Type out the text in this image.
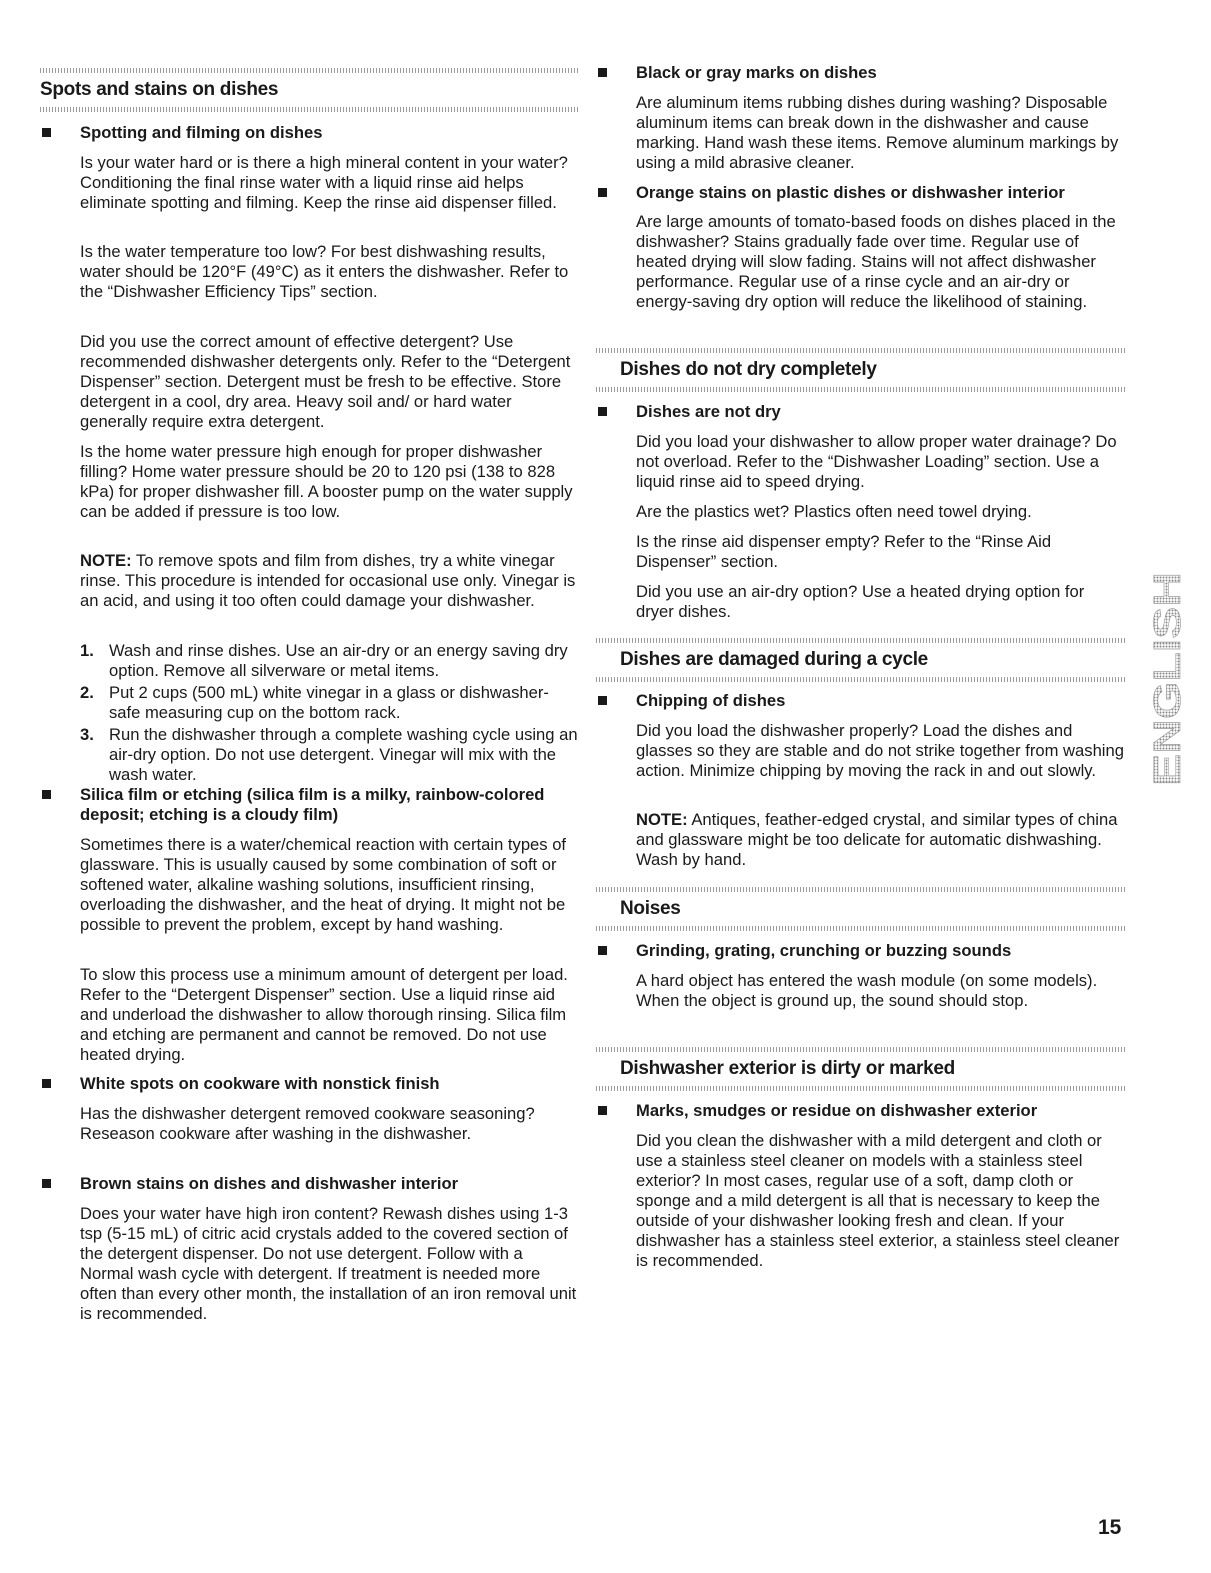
Spots and stains on dishes
Spotting and filming on dishes
Is your water hard or is there a high mineral content in your water? Conditioning the final rinse water with a liquid rinse aid helps eliminate spotting and filming. Keep the rinse aid dispenser filled.
Is the water temperature too low? For best dishwashing results, water should be 120°F (49°C) as it enters the dishwasher. Refer to the “Dishwasher Efficiency Tips” section.
Did you use the correct amount of effective detergent? Use recommended dishwasher detergents only. Refer to the “Detergent Dispenser” section. Detergent must be fresh to be effective. Store detergent in a cool, dry area. Heavy soil and/ or hard water generally require extra detergent.
Is the home water pressure high enough for proper dishwasher filling? Home water pressure should be 20 to 120 psi (138 to 828 kPa) for proper dishwasher fill. A booster pump on the water supply can be added if pressure is too low.
NOTE: To remove spots and film from dishes, try a white vinegar rinse. This procedure is intended for occasional use only. Vinegar is an acid, and using it too often could damage your dishwasher.
1. Wash and rinse dishes. Use an air-dry or an energy saving dry option. Remove all silverware or metal items.
2. Put 2 cups (500 mL) white vinegar in a glass or dishwasher-safe measuring cup on the bottom rack.
3. Run the dishwasher through a complete washing cycle using an air-dry option. Do not use detergent. Vinegar will mix with the wash water.
Silica film or etching (silica film is a milky, rainbow-colored deposit; etching is a cloudy film)
Sometimes there is a water/chemical reaction with certain types of glassware. This is usually caused by some combination of soft or softened water, alkaline washing solutions, insufficient rinsing, overloading the dishwasher, and the heat of drying. It might not be possible to prevent the problem, except by hand washing.
To slow this process use a minimum amount of detergent per load. Refer to the “Detergent Dispenser” section. Use a liquid rinse aid and underload the dishwasher to allow thorough rinsing. Silica film and etching are permanent and cannot be removed. Do not use heated drying.
White spots on cookware with nonstick finish
Has the dishwasher detergent removed cookware seasoning? Reseason cookware after washing in the dishwasher.
Brown stains on dishes and dishwasher interior
Does your water have high iron content? Rewash dishes using 1-3 tsp (5-15 mL) of citric acid crystals added to the covered section of the detergent dispenser. Do not use detergent. Follow with a Normal wash cycle with detergent. If treatment is needed more often than every other month, the installation of an iron removal unit is recommended.
Black or gray marks on dishes
Are aluminum items rubbing dishes during washing? Disposable aluminum items can break down in the dishwasher and cause marking. Hand wash these items. Remove aluminum markings by using a mild abrasive cleaner.
Orange stains on plastic dishes or dishwasher interior
Are large amounts of tomato-based foods on dishes placed in the dishwasher? Stains gradually fade over time. Regular use of heated drying will slow fading. Stains will not affect dishwasher performance. Regular use of a rinse cycle and an air-dry or energy-saving dry option will reduce the likelihood of staining.
Dishes do not dry completely
Dishes are not dry
Did you load your dishwasher to allow proper water drainage? Do not overload. Refer to the “Dishwasher Loading” section. Use a liquid rinse aid to speed drying.
Are the plastics wet? Plastics often need towel drying.
Is the rinse aid dispenser empty? Refer to the “Rinse Aid Dispenser” section.
Did you use an air-dry option? Use a heated drying option for dryer dishes.
Dishes are damaged during a cycle
Chipping of dishes
Did you load the dishwasher properly? Load the dishes and glasses so they are stable and do not strike together from washing action. Minimize chipping by moving the rack in and out slowly.
NOTE: Antiques, feather-edged crystal, and similar types of china and glassware might be too delicate for automatic dishwashing. Wash by hand.
Noises
Grinding, grating, crunching or buzzing sounds
A hard object has entered the wash module (on some models). When the object is ground up, the sound should stop.
Dishwasher exterior is dirty or marked
Marks, smudges or residue on dishwasher exterior
Did you clean the dishwasher with a mild detergent and cloth or use a stainless steel cleaner on models with a stainless steel exterior? In most cases, regular use of a soft, damp cloth or sponge and a mild detergent is all that is necessary to keep the outside of your dishwasher looking fresh and clean. If your dishwasher has a stainless steel exterior, a stainless steel cleaner is recommended.
ENGLISH
15
